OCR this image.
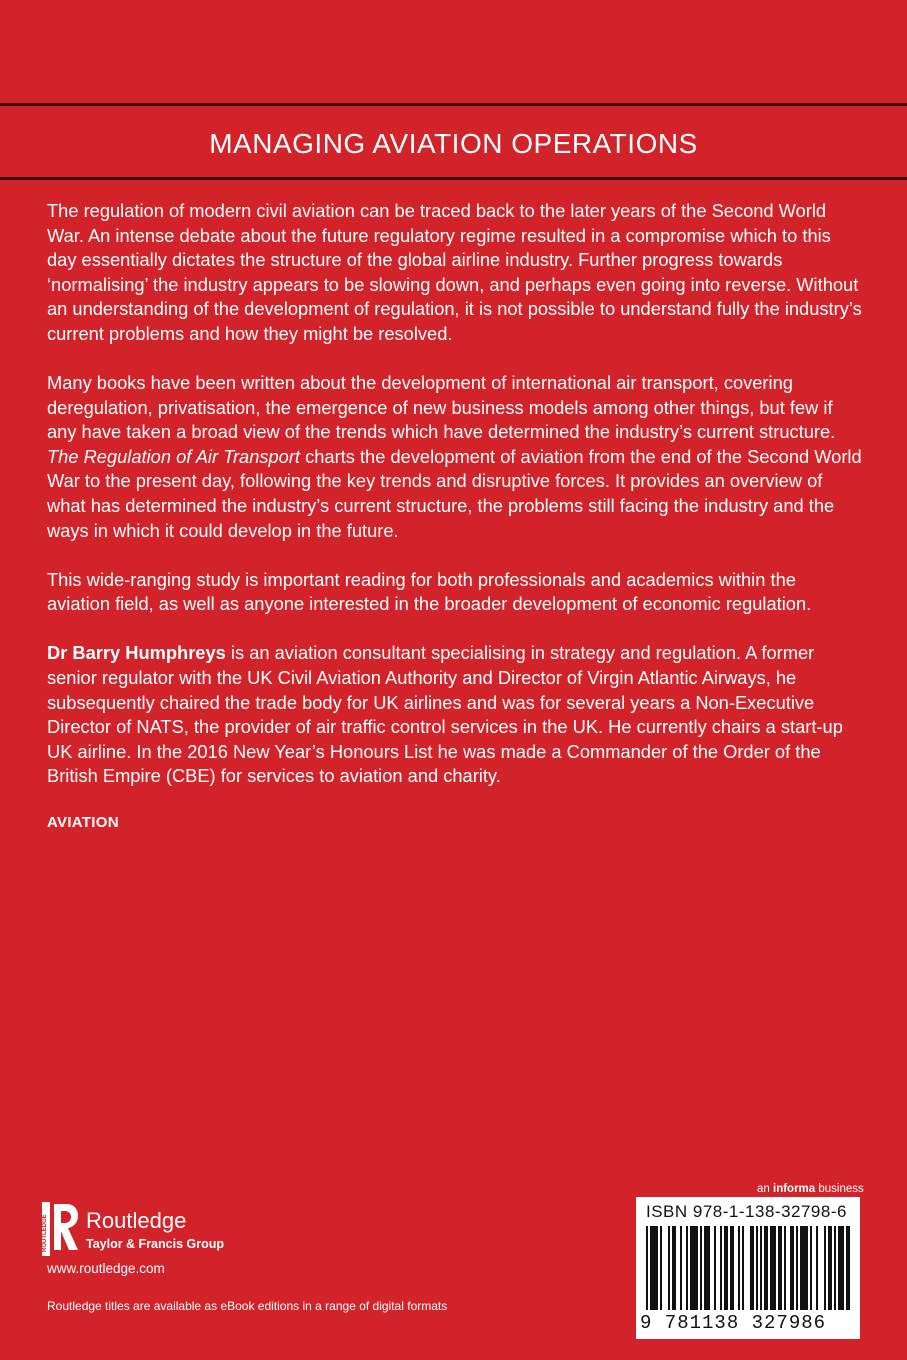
MANAGING AVIATION OPERATIONS

The regulation of modern civil aviation can be traced back to the later years of the Second World War. An intense debate about the future regulatory regime resulted in a compromise which to this day essentially dictates the structure of the global airline industry. Further progress towards ‘normalising’ the industry appears to be slowing down, and perhaps even going into reverse. Without an understanding of the development of regulation, it is not possible to understand fully the industry’s current problems and how they might be resolved.

Many books have been written about the development of international air transport, covering deregulation, privatisation, the emergence of new business models among other things, but few if any have taken a broad view of the trends which have determined the industry’s current structure. The Regulation of Air Transport charts the development of aviation from the end of the Second World War to the present day, following the key trends and disruptive forces. It provides an overview of what has determined the industry’s current structure, the problems still facing the industry and the ways in which it could develop in the future.

This wide-ranging study is important reading for both professionals and academics within the aviation field, as well as anyone interested in the broader development of economic regulation.

Dr Barry Humphreys is an aviation consultant specialising in strategy and regulation. A former senior regulator with the UK Civil Aviation Authority and Director of Virgin Atlantic Airways, he subsequently chaired the trade body for UK airlines and was for several years a Non-Executive Director of NATS, the provider of air traffic control services in the UK. He currently chairs a start-up UK airline. In the 2016 New Year’s Honours List he was made a Commander of the Order of the British Empire (CBE) for services to aviation and charity.

AVIATION
ROUTLEDGE Routledge
Taylor & Francis Group
www.routledge.com
Routledge titles are available as eBook editions in a range of digital formats
an informa business
ISBN 978-1-138-32798-6
9 781138 327986
